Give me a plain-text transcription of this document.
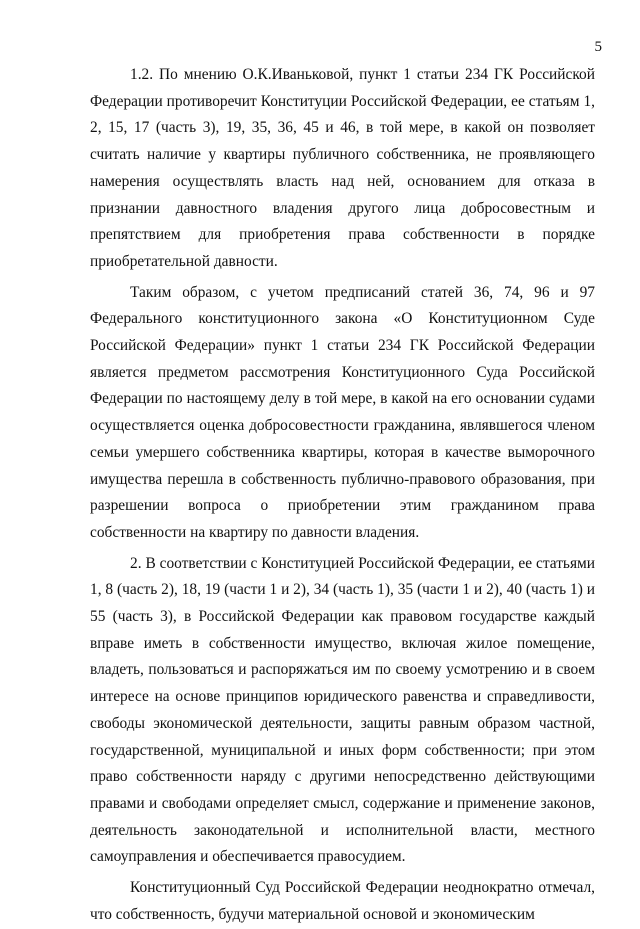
5

1.2. По мнению О.К.Иваньковой, пункт 1 статьи 234 ГК Российской Федерации противоречит Конституции Российской Федерации, ее статьям 1, 2, 15, 17 (часть 3), 19, 35, 36, 45 и 46, в той мере, в какой он позволяет считать наличие у квартиры публичного собственника, не проявляющего намерения осуществлять власть над ней, основанием для отказа в признании давностного владения другого лица добросовестным и препятствием для приобретения права собственности в порядке приобретательной давности.

Таким образом, с учетом предписаний статей 36, 74, 96 и 97 Федерального конституционного закона «О Конституционном Суде Российской Федерации» пункт 1 статьи 234 ГК Российской Федерации является предметом рассмотрения Конституционного Суда Российской Федерации по настоящему делу в той мере, в какой на его основании судами осуществляется оценка добросовестности гражданина, являвшегося членом семьи умершего собственника квартиры, которая в качестве выморочного имущества перешла в собственность публично-правового образования, при разрешении вопроса о приобретении этим гражданином права собственности на квартиру по давности владения.

2. В соответствии с Конституцией Российской Федерации, ее статьями 1, 8 (часть 2), 18, 19 (части 1 и 2), 34 (часть 1), 35 (части 1 и 2), 40 (часть 1) и 55 (часть 3), в Российской Федерации как правовом государстве каждый вправе иметь в собственности имущество, включая жилое помещение, владеть, пользоваться и распоряжаться им по своему усмотрению и в своем интересе на основе принципов юридического равенства и справедливости, свободы экономической деятельности, защиты равным образом частной, государственной, муниципальной и иных форм собственности; при этом право собственности наряду с другими непосредственно действующими правами и свободами определяет смысл, содержание и применение законов, деятельность законодательной и исполнительной власти, местного самоуправления и обеспечивается правосудием.

Конституционный Суд Российской Федерации неоднократно отмечал, что собственность, будучи материальной основой и экономическим
